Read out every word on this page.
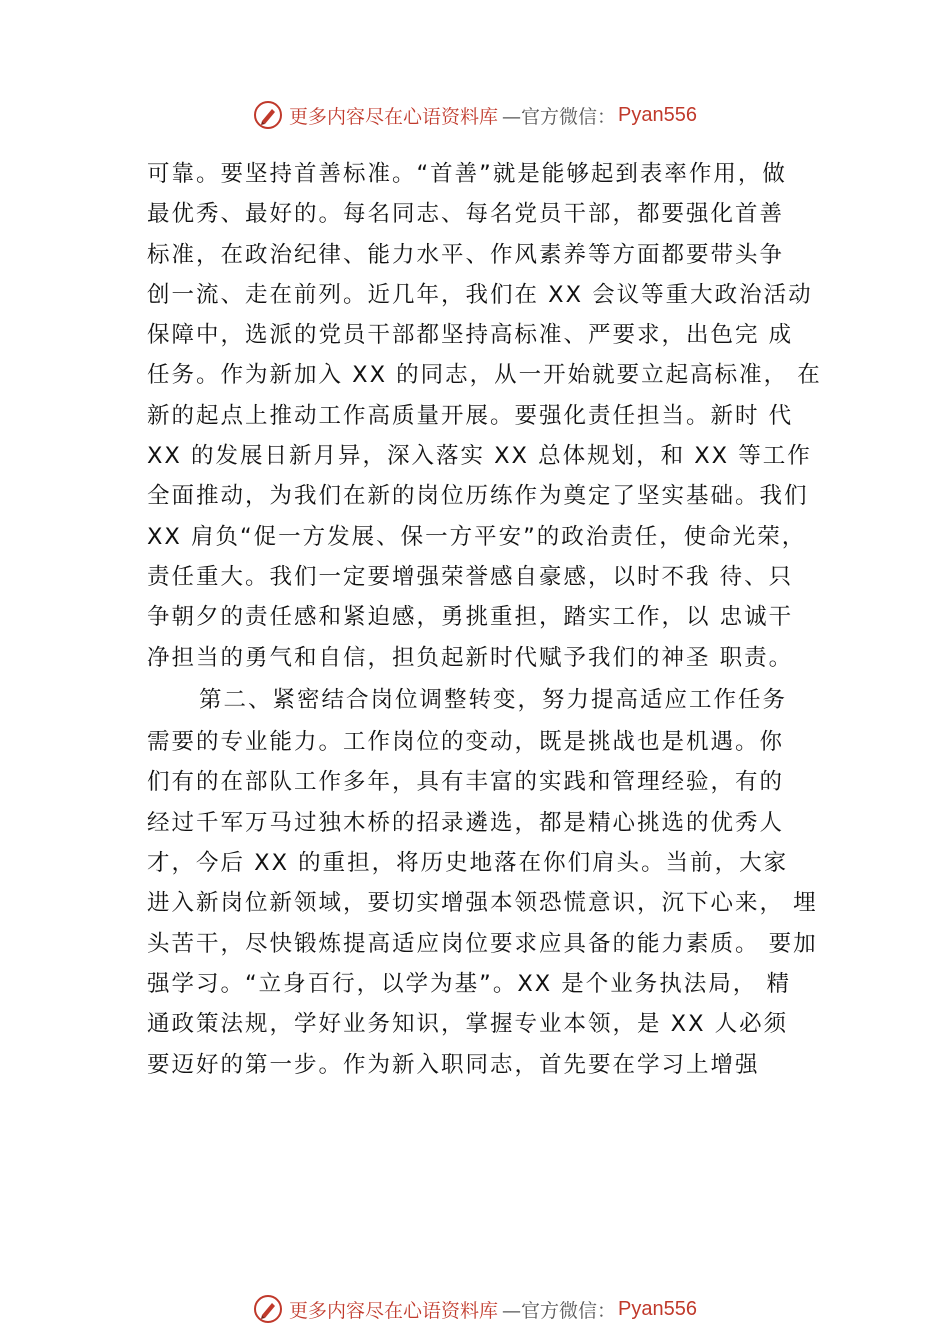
更多内容尽在心语资料库 —官方微信： Pyan556
可靠。要坚持首善标准。“首善”就是能够起到表率作用，做
最优秀、最好的。每名同志、每名党员干部，都要强化首善
标准，在政治纪律、能力水平、作风素养等方面都要带头争
创一流、走在前列。近几年，我们在 XX 会议等重大政治活动
保障中，选派的党员干部都坚持高标准、严要求，出色完 成
任务。作为新加入 XX 的同志，从一开始就要立起高标准， 在
新的起点上推动工作高质量开展。要强化责任担当。新时 代
XX 的发展日新月异，深入落实 XX 总体规划，和 XX 等工作
全面推动，为我们在新的岗位历练作为奠定了坚实基础。我们
XX 肩负“促一方发展、保一方平安”的政治责任，使命光荣，
责任重大。我们一定要增强荣誉感自豪感，以时不我 待、只
争朝夕的责任感和紧迫感，勇挑重担，踏实工作，以 忠诚干
净担当的勇气和自信，担负起新时代赋予我们的神圣 职责。
第二、紧密结合岗位调整转变，努力提高适应工作任务
需要的专业能力。工作岗位的变动，既是挑战也是机遇。你
们有的在部队工作多年，具有丰富的实践和管理经验，有的
经过千军万马过独木桥的招录遴选，都是精心挑选的优秀人
才，今后 XX 的重担，将历史地落在你们肩头。当前，大家
进入新岗位新领域，要切实增强本领恐慌意识，沉下心来， 埋
头苦干，尽快锻炼提高适应岗位要求应具备的能力素质。 要加
强学习。“立身百行，以学为基”。XX 是个业务执法局， 精
通政策法规，学好业务知识，掌握专业本领，是 XX 人必须
要迈好的第一步。作为新入职同志，首先要在学习上增强
更多内容尽在心语资料库 —官方微信： Pyan556
